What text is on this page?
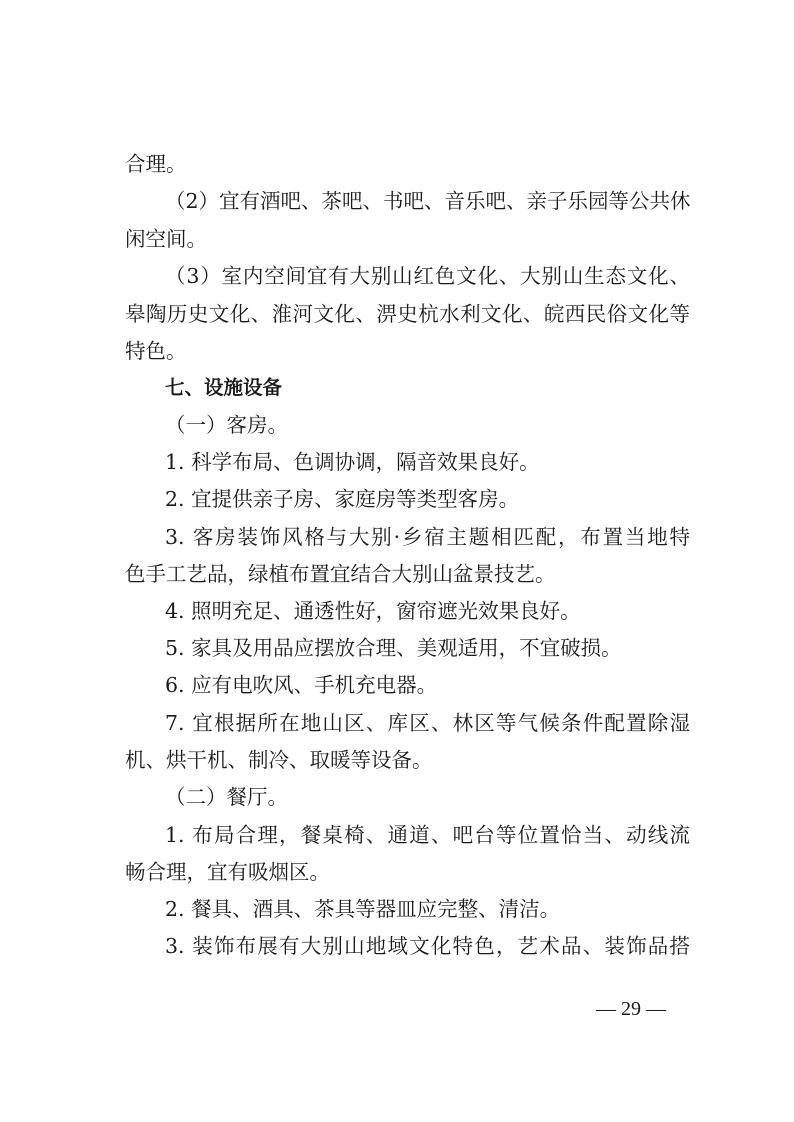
合理。
（2）宜有酒吧、茶吧、书吧、音乐吧、亲子乐园等公共休
闲空间。
（3）室内空间宜有大别山红色文化、大别山生态文化、
皋陶历史文化、淮河文化、淠史杭水利文化、皖西民俗文化等
特色。
七、设施设备
（一）客房。
1. 科学布局、色调协调，隔音效果良好。
2. 宜提供亲子房、家庭房等类型客房。
3. 客房装饰风格与大别·乡宿主题相匹配，布置当地特
色手工艺品，绿植布置宜结合大别山盆景技艺。
4. 照明充足、通透性好，窗帘遮光效果良好。
5. 家具及用品应摆放合理、美观适用，不宜破损。
6. 应有电吹风、手机充电器。
7. 宜根据所在地山区、库区、林区等气候条件配置除湿
机、烘干机、制冷、取暖等设备。
（二）餐厅。
1. 布局合理，餐桌椅、通道、吧台等位置恰当、动线流
畅合理，宜有吸烟区。
2. 餐具、酒具、茶具等器皿应完整、清洁。
3. 装饰布展有大别山地域文化特色，艺术品、装饰品搭
— 29 —
